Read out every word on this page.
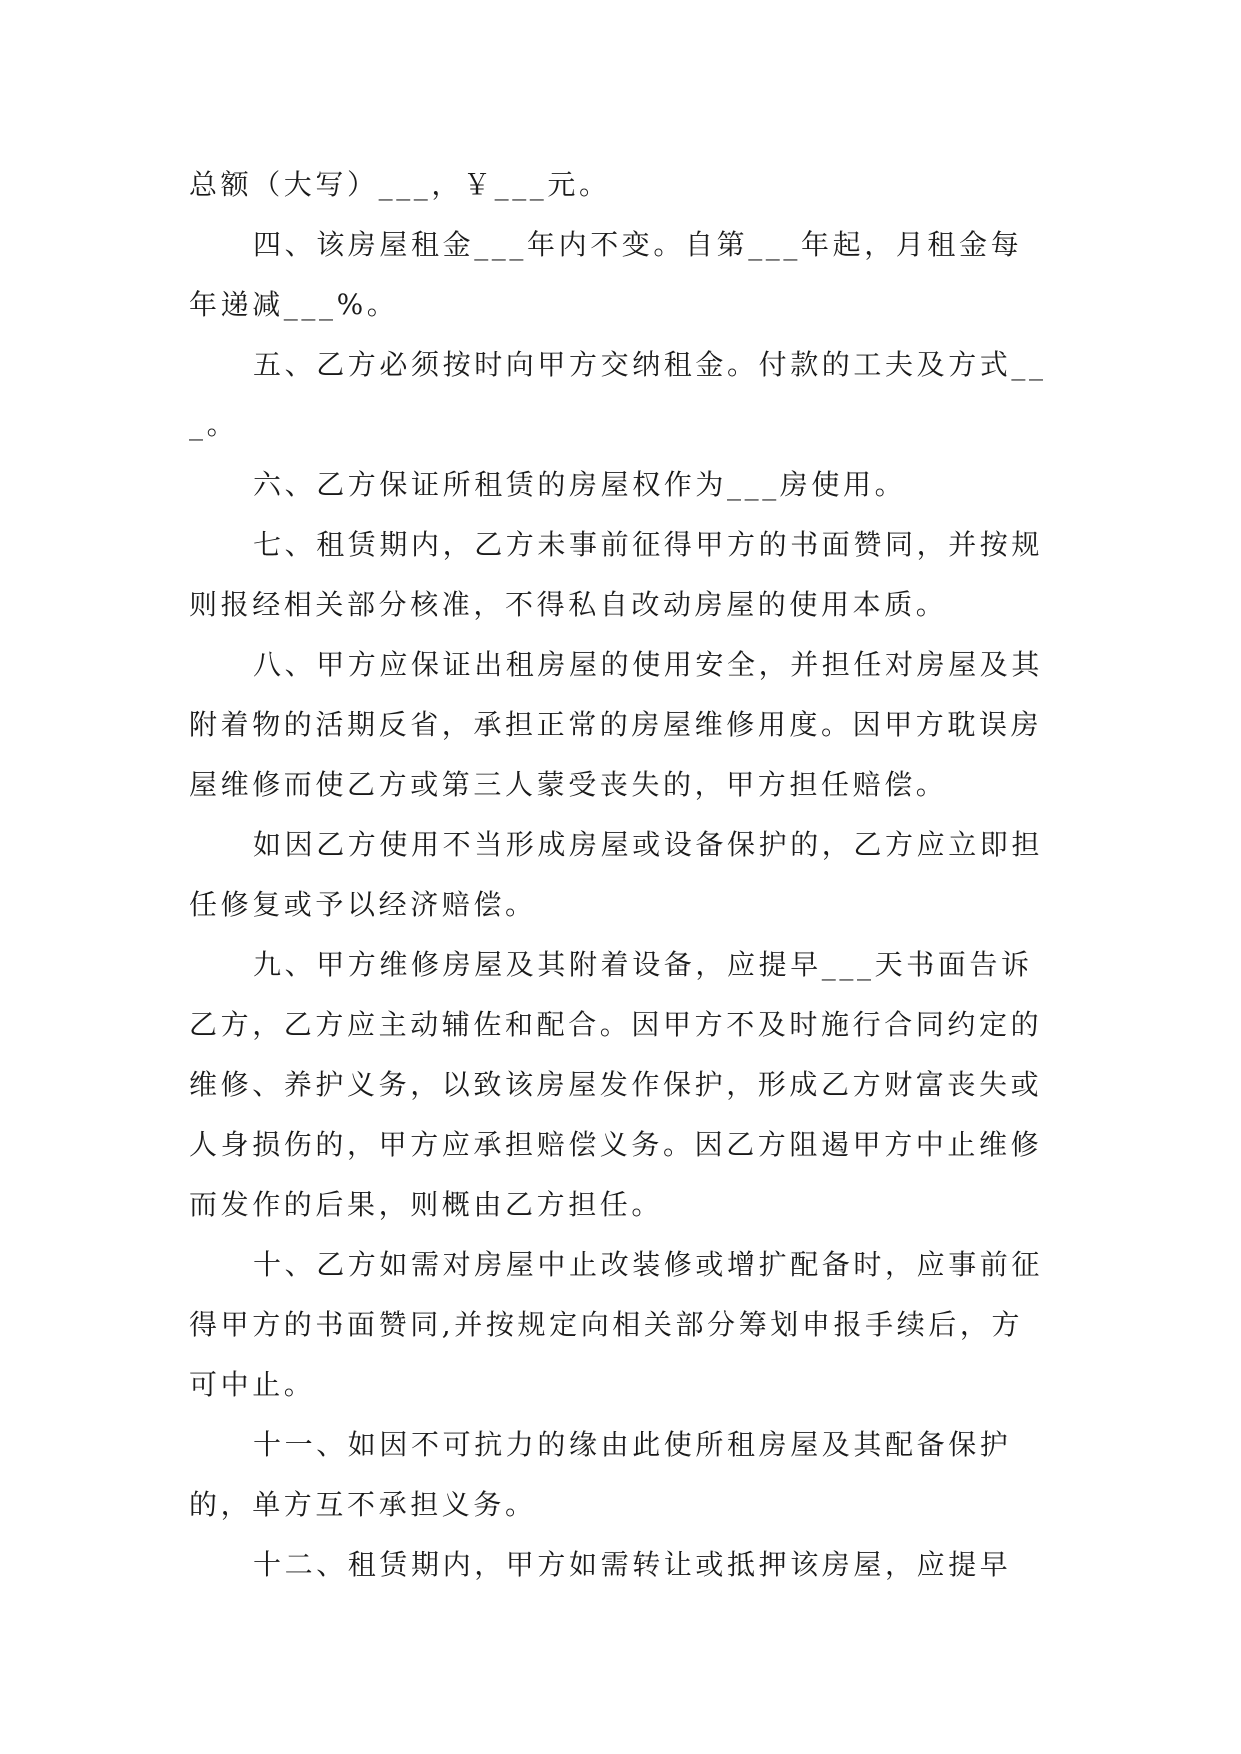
总额（大写）___，￥___元。

四、该房屋租金___年内不变。自第___年起，月租金每年递减___%。

五、乙方必须按时向甲方交纳租金。付款的工夫及方式___。

六、乙方保证所租赁的房屋权作为___房使用。

七、租赁期内，乙方未事前征得甲方的书面赞同，并按规则报经相关部分核准，不得私自改动房屋的使用本质。

八、甲方应保证出租房屋的使用安全，并担任对房屋及其附着物的活期反省，承担正常的房屋维修用度。因甲方耽误房屋维修而使乙方或第三人蒙受丧失的，甲方担任赔偿。

如因乙方使用不当形成房屋或设备保护的，乙方应立即担任修复或予以经济赔偿。

九、甲方维修房屋及其附着设备，应提早___天书面告诉乙方，乙方应主动辅佐和配合。因甲方不及时施行合同约定的维修、养护义务，以致该房屋发作保护，形成乙方财富丧失或人身损伤的，甲方应承担赔偿义务。因乙方阻遏甲方中止维修而发作的后果，则概由乙方担任。

十、乙方如需对房屋中止改装修或增扩配备时，应事前征得甲方的书面赞同,并按规定向相关部分筹划申报手续后，方可中止。

十一、如因不可抗力的缘由此使所租房屋及其配备保护的，单方互不承担义务。

十二、租赁期内，甲方如需转让或抵押该房屋，应提早
